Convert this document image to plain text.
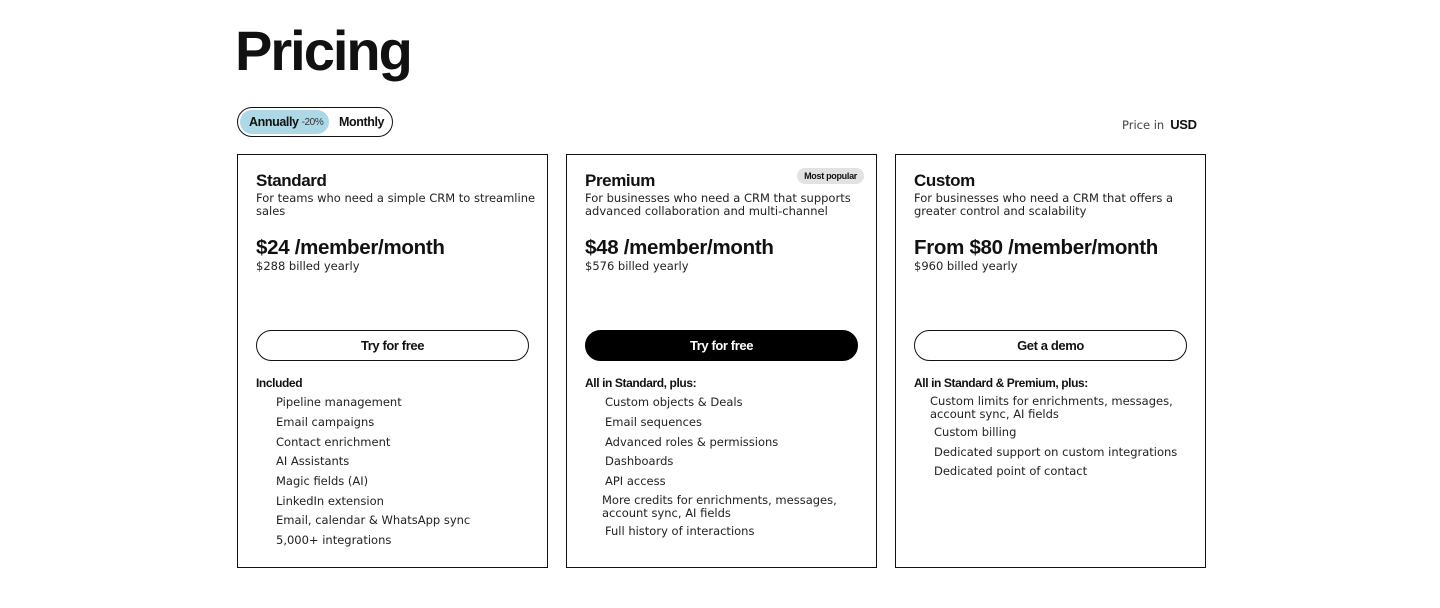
Pricing
Annually -20% Monthly	Price in USD
Standard
For teams who need a simple CRM to streamline sales
$24 /member/month
$288 billed yearly
Try for free
Included
Pipeline management
Email campaigns
Contact enrichment
AI Assistants
Magic fields (AI)
LinkedIn extension
Email, calendar & WhatsApp sync
5,000+ integrations
Premium	Most popular
For businesses who need a CRM that supports advanced collaboration and multi-channel
$48 /member/month
$576 billed yearly
Try for free
All in Standard, plus:
Custom objects & Deals
Email sequences
Advanced roles & permissions
Dashboards
API access
More credits for enrichments, messages, account sync, AI fields
Full history of interactions
Custom
For businesses who need a CRM that offers a greater control and scalability
From $80 /member/month
$960 billed yearly
Get a demo
All in Standard & Premium, plus:
Custom limits for enrichments, messages, account sync, AI fields
Custom billing
Dedicated support on custom integrations
Dedicated point of contact
